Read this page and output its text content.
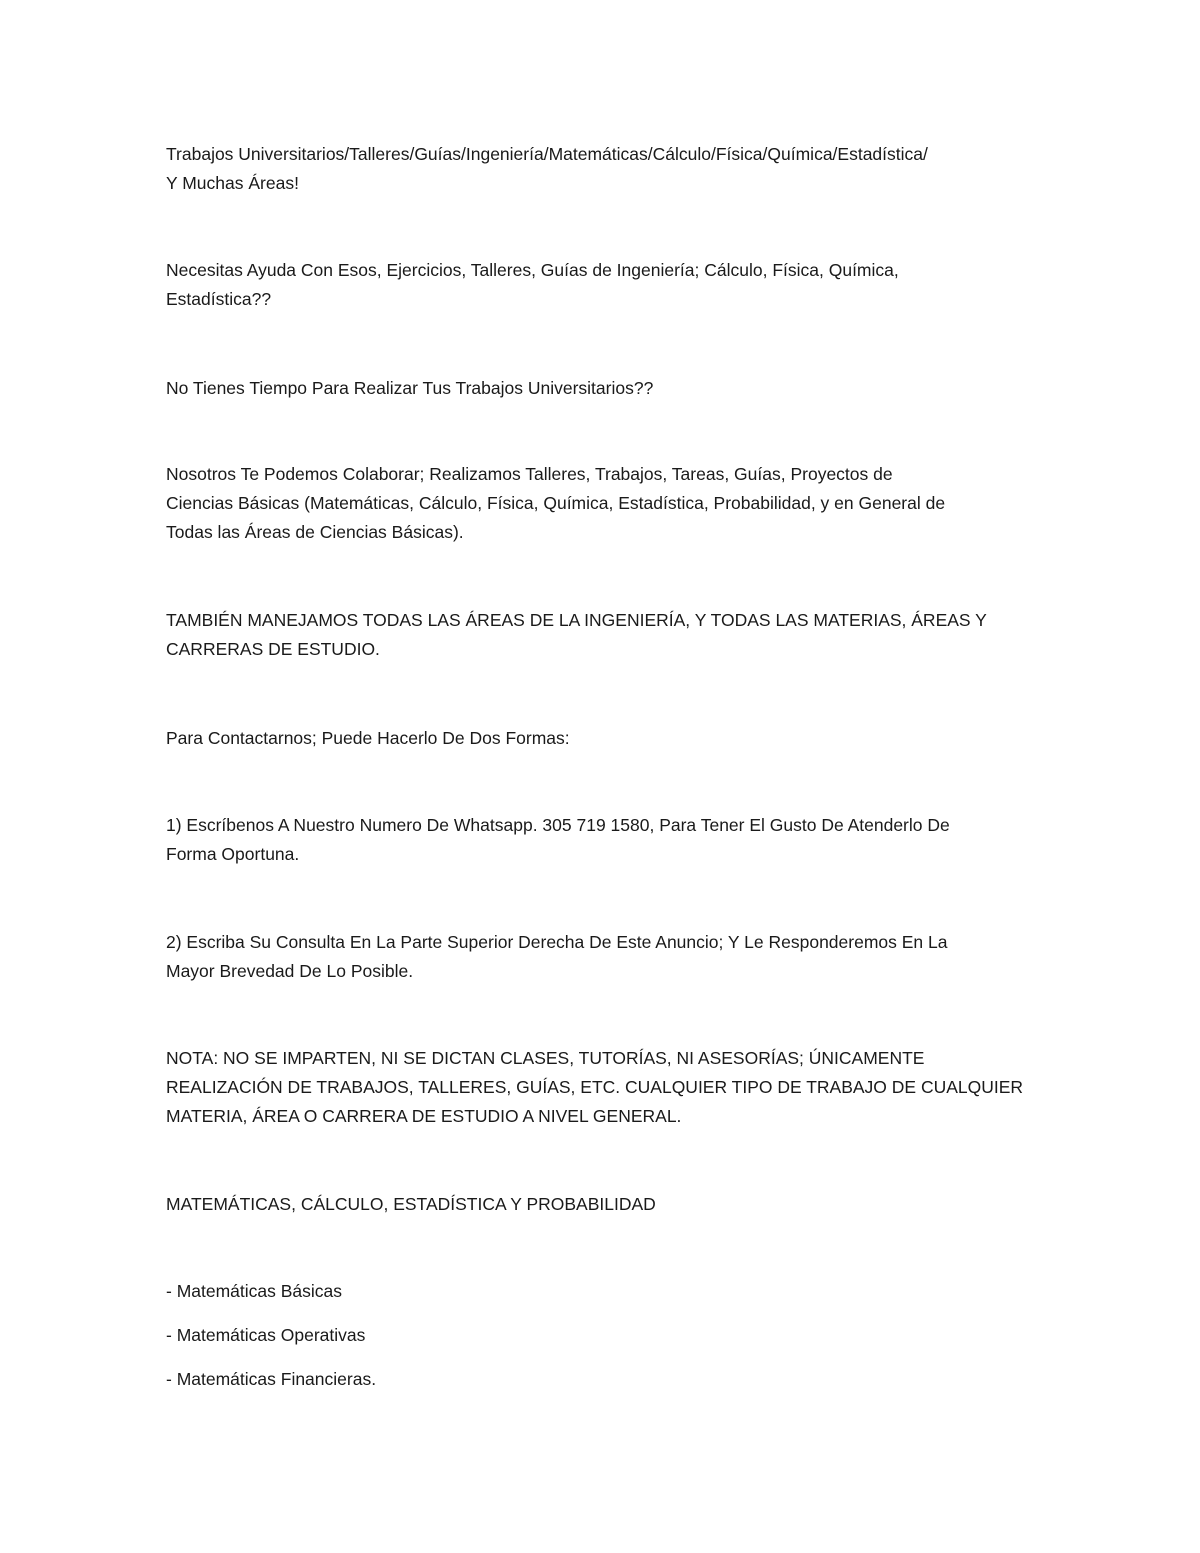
Trabajos Universitarios/Talleres/Guías/Ingeniería/Matemáticas/Cálculo/Física/Química/Estadística/
Y Muchas Áreas!

Necesitas Ayuda Con Esos, Ejercicios, Talleres, Guías de Ingeniería; Cálculo, Física, Química,
Estadística??

No Tienes Tiempo Para Realizar Tus Trabajos Universitarios??

Nosotros Te Podemos Colaborar; Realizamos Talleres, Trabajos, Tareas, Guías, Proyectos de
Ciencias Básicas (Matemáticas, Cálculo, Física, Química, Estadística, Probabilidad, y en General de
Todas las Áreas de Ciencias Básicas).

TAMBIÉN MANEJAMOS TODAS LAS ÁREAS DE LA INGENIERÍA, Y TODAS LAS MATERIAS, ÁREAS Y
CARRERAS DE ESTUDIO.

Para Contactarnos; Puede Hacerlo De Dos Formas:

1) Escríbenos A Nuestro Numero De Whatsapp. 305 719 1580, Para Tener El Gusto De Atenderlo De
Forma Oportuna.

2) Escriba Su Consulta En La Parte Superior Derecha De Este Anuncio; Y Le Responderemos En La
Mayor Brevedad De Lo Posible.

NOTA: NO SE IMPARTEN, NI SE DICTAN CLASES, TUTORÍAS, NI ASESORÍAS; ÚNICAMENTE
REALIZACIÓN DE TRABAJOS, TALLERES, GUÍAS, ETC. CUALQUIER TIPO DE TRABAJO DE CUALQUIER
MATERIA, ÁREA O CARRERA DE ESTUDIO A NIVEL GENERAL.

MATEMÁTICAS, CÁLCULO, ESTADÍSTICA Y PROBABILIDAD

- Matemáticas Básicas

- Matemáticas Operativas

- Matemáticas Financieras.
